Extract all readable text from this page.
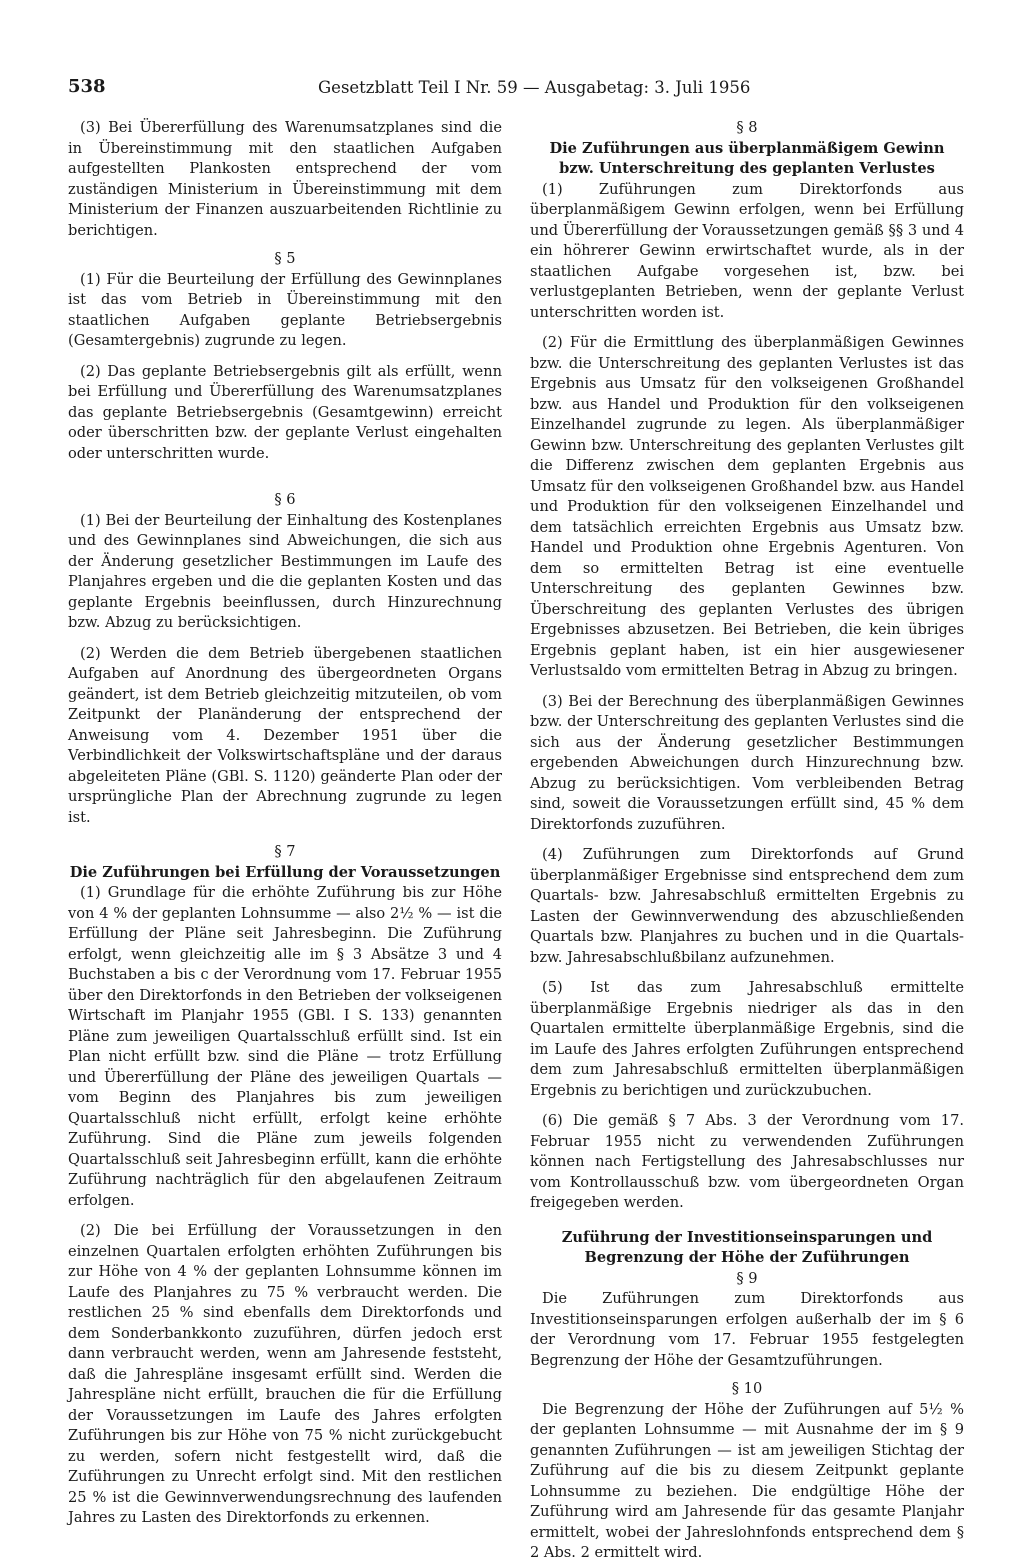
538	Gesetzblatt Teil I Nr. 59 — Ausgabetag: 3. Juli 1956

(3) Bei Übererfüllung des Warenumsatzplanes sind die in Übereinstimmung mit den staatlichen Aufgaben aufgestellten Plankosten entsprechend der vom zuständigen Ministerium in Übereinstimmung mit dem Ministerium der Finanzen auszuarbeitenden Richtlinie zu berichtigen.

§ 5

(1) Für die Beurteilung der Erfüllung des Gewinnplanes ist das vom Betrieb in Übereinstimmung mit den staatlichen Aufgaben geplante Betriebsergebnis (Gesamtergebnis) zugrunde zu legen.

(2) Das geplante Betriebsergebnis gilt als erfüllt, wenn bei Erfüllung und Übererfüllung des Warenumsatzplanes das geplante Betriebsergebnis (Gesamtgewinn) erreicht oder überschritten bzw. der geplante Verlust eingehalten oder unterschritten wurde.

§ 6

(1) Bei der Beurteilung der Einhaltung des Kostenplanes und des Gewinnplanes sind Abweichungen, die sich aus der Änderung gesetzlicher Bestimmungen im Laufe des Planjahres ergeben und die die geplanten Kosten und das geplante Ergebnis beeinflussen, durch Hinzurechnung bzw. Abzug zu berücksichtigen.

(2) Werden die dem Betrieb übergebenen staatlichen Aufgaben auf Anordnung des übergeordneten Organs geändert, ist dem Betrieb gleichzeitig mitzuteilen, ob vom Zeitpunkt der Planänderung der entsprechend der Anweisung vom 4. Dezember 1951 über die Verbindlichkeit der Volkswirtschaftspläne und der daraus abgeleiteten Pläne (GBl. S. 1120) geänderte Plan oder der ursprüngliche Plan der Abrechnung zugrunde zu legen ist.

§ 7
Die Zuführungen bei Erfüllung der Voraussetzungen

(1) Grundlage für die erhöhte Zuführung bis zur Höhe von 4 % der geplanten Lohnsumme — also 2½ % — ist die Erfüllung der Pläne seit Jahresbeginn. Die Zuführung erfolgt, wenn gleichzeitig alle im § 3 Absätze 3 und 4 Buchstaben a bis c der Verordnung vom 17. Februar 1955 über den Direktorfonds in den Betrieben der volkseigenen Wirtschaft im Planjahr 1955 (GBl. I S. 133) genannten Pläne zum jeweiligen Quartalsschluß erfüllt sind. Ist ein Plan nicht erfüllt bzw. sind die Pläne — trotz Erfüllung und Übererfüllung der Pläne des jeweiligen Quartals — vom Beginn des Planjahres bis zum jeweiligen Quartalsschluß nicht erfüllt, erfolgt keine erhöhte Zuführung. Sind die Pläne zum jeweils folgenden Quartalsschluß seit Jahresbeginn erfüllt, kann die erhöhte Zuführung nachträglich für den abgelaufenen Zeitraum erfolgen.

(2) Die bei Erfüllung der Voraussetzungen in den einzelnen Quartalen erfolgten erhöhten Zuführungen bis zur Höhe von 4 % der geplanten Lohnsumme können im Laufe des Planjahres zu 75 % verbraucht werden. Die restlichen 25 % sind ebenfalls dem Direktorfonds und dem Sonderbankkonto zuzuführen, dürfen jedoch erst dann verbraucht werden, wenn am Jahresende feststeht, daß die Jahrespläne insgesamt erfüllt sind. Werden die Jahrespläne nicht erfüllt, brauchen die für die Erfüllung der Voraussetzungen im Laufe des Jahres erfolgten Zuführungen bis zur Höhe von 75 % nicht zurückgebucht zu werden, sofern nicht festgestellt wird, daß die Zuführungen zu Unrecht erfolgt sind. Mit den restlichen 25 % ist die Gewinnverwendungsrechnung des laufenden Jahres zu Lasten des Direktorfonds zu erkennen.

§ 8
Die Zuführungen aus überplanmäßigem Gewinn bzw. Unterschreitung des geplanten Verlustes

(1) Zuführungen zum Direktorfonds aus überplanmäßigem Gewinn erfolgen, wenn bei Erfüllung und Übererfüllung der Voraussetzungen gemäß §§ 3 und 4 ein höhrerer Gewinn erwirtschaftet wurde, als in der staatlichen Aufgabe vorgesehen ist, bzw. bei verlustgeplanten Betrieben, wenn der geplante Verlust unterschritten worden ist.

(2) Für die Ermittlung des überplanmäßigen Gewinnes bzw. die Unterschreitung des geplanten Verlustes ist das Ergebnis aus Umsatz für den volkseigenen Großhandel bzw. aus Handel und Produktion für den volkseigenen Einzelhandel zugrunde zu legen. Als überplanmäßiger Gewinn bzw. Unterschreitung des geplanten Verlustes gilt die Differenz zwischen dem geplanten Ergebnis aus Umsatz für den volkseigenen Großhandel bzw. aus Handel und Produktion für den volkseigenen Einzelhandel und dem tatsächlich erreichten Ergebnis aus Umsatz bzw. Handel und Produktion ohne Ergebnis Agenturen. Von dem so ermittelten Betrag ist eine eventuelle Unterschreitung des geplanten Gewinnes bzw. Überschreitung des geplanten Verlustes des übrigen Ergebnisses abzusetzen. Bei Betrieben, die kein übriges Ergebnis geplant haben, ist ein hier ausgewiesener Verlustsaldo vom ermittelten Betrag in Abzug zu bringen.

(3) Bei der Berechnung des überplanmäßigen Gewinnes bzw. der Unterschreitung des geplanten Verlustes sind die sich aus der Änderung gesetzlicher Bestimmungen ergebenden Abweichungen durch Hinzurechnung bzw. Abzug zu berücksichtigen. Vom verbleibenden Betrag sind, soweit die Voraussetzungen erfüllt sind, 45 % dem Direktorfonds zuzuführen.

(4) Zuführungen zum Direktorfonds auf Grund überplanmäßiger Ergebnisse sind entsprechend dem zum Quartals- bzw. Jahresabschluß ermittelten Ergebnis zu Lasten der Gewinnverwendung des abzuschließenden Quartals bzw. Planjahres zu buchen und in die Quartals- bzw. Jahresabschlußbilanz aufzunehmen.

(5) Ist das zum Jahresabschluß ermittelte überplanmäßige Ergebnis niedriger als das in den Quartalen ermittelte überplanmäßige Ergebnis, sind die im Laufe des Jahres erfolgten Zuführungen entsprechend dem zum Jahresabschluß ermittelten überplanmäßigen Ergebnis zu berichtigen und zurückzubuchen.

(6) Die gemäß § 7 Abs. 3 der Verordnung vom 17. Februar 1955 nicht zu verwendenden Zuführungen können nach Fertigstellung des Jahresabschlusses nur vom Kontrollausschuß bzw. vom übergeordneten Organ freigegeben werden.

Zuführung der Investitionseinsparungen und Begrenzung der Höhe der Zuführungen
§ 9

Die Zuführungen zum Direktorfonds aus Investitionseinsparungen erfolgen außerhalb der im § 6 der Verordnung vom 17. Februar 1955 festgelegten Begrenzung der Höhe der Gesamtzuführungen.

§ 10

Die Begrenzung der Höhe der Zuführungen auf 5½ % der geplanten Lohnsumme — mit Ausnahme der im § 9 genannten Zuführungen — ist am jeweiligen Stichtag der Zuführung auf die bis zu diesem Zeitpunkt geplante Lohnsumme zu beziehen. Die endgültige Höhe der Zuführung wird am Jahresende für das gesamte Planjahr ermittelt, wobei der Jahreslohnfonds entsprechend dem § 2 Abs. 2 ermittelt wird.
